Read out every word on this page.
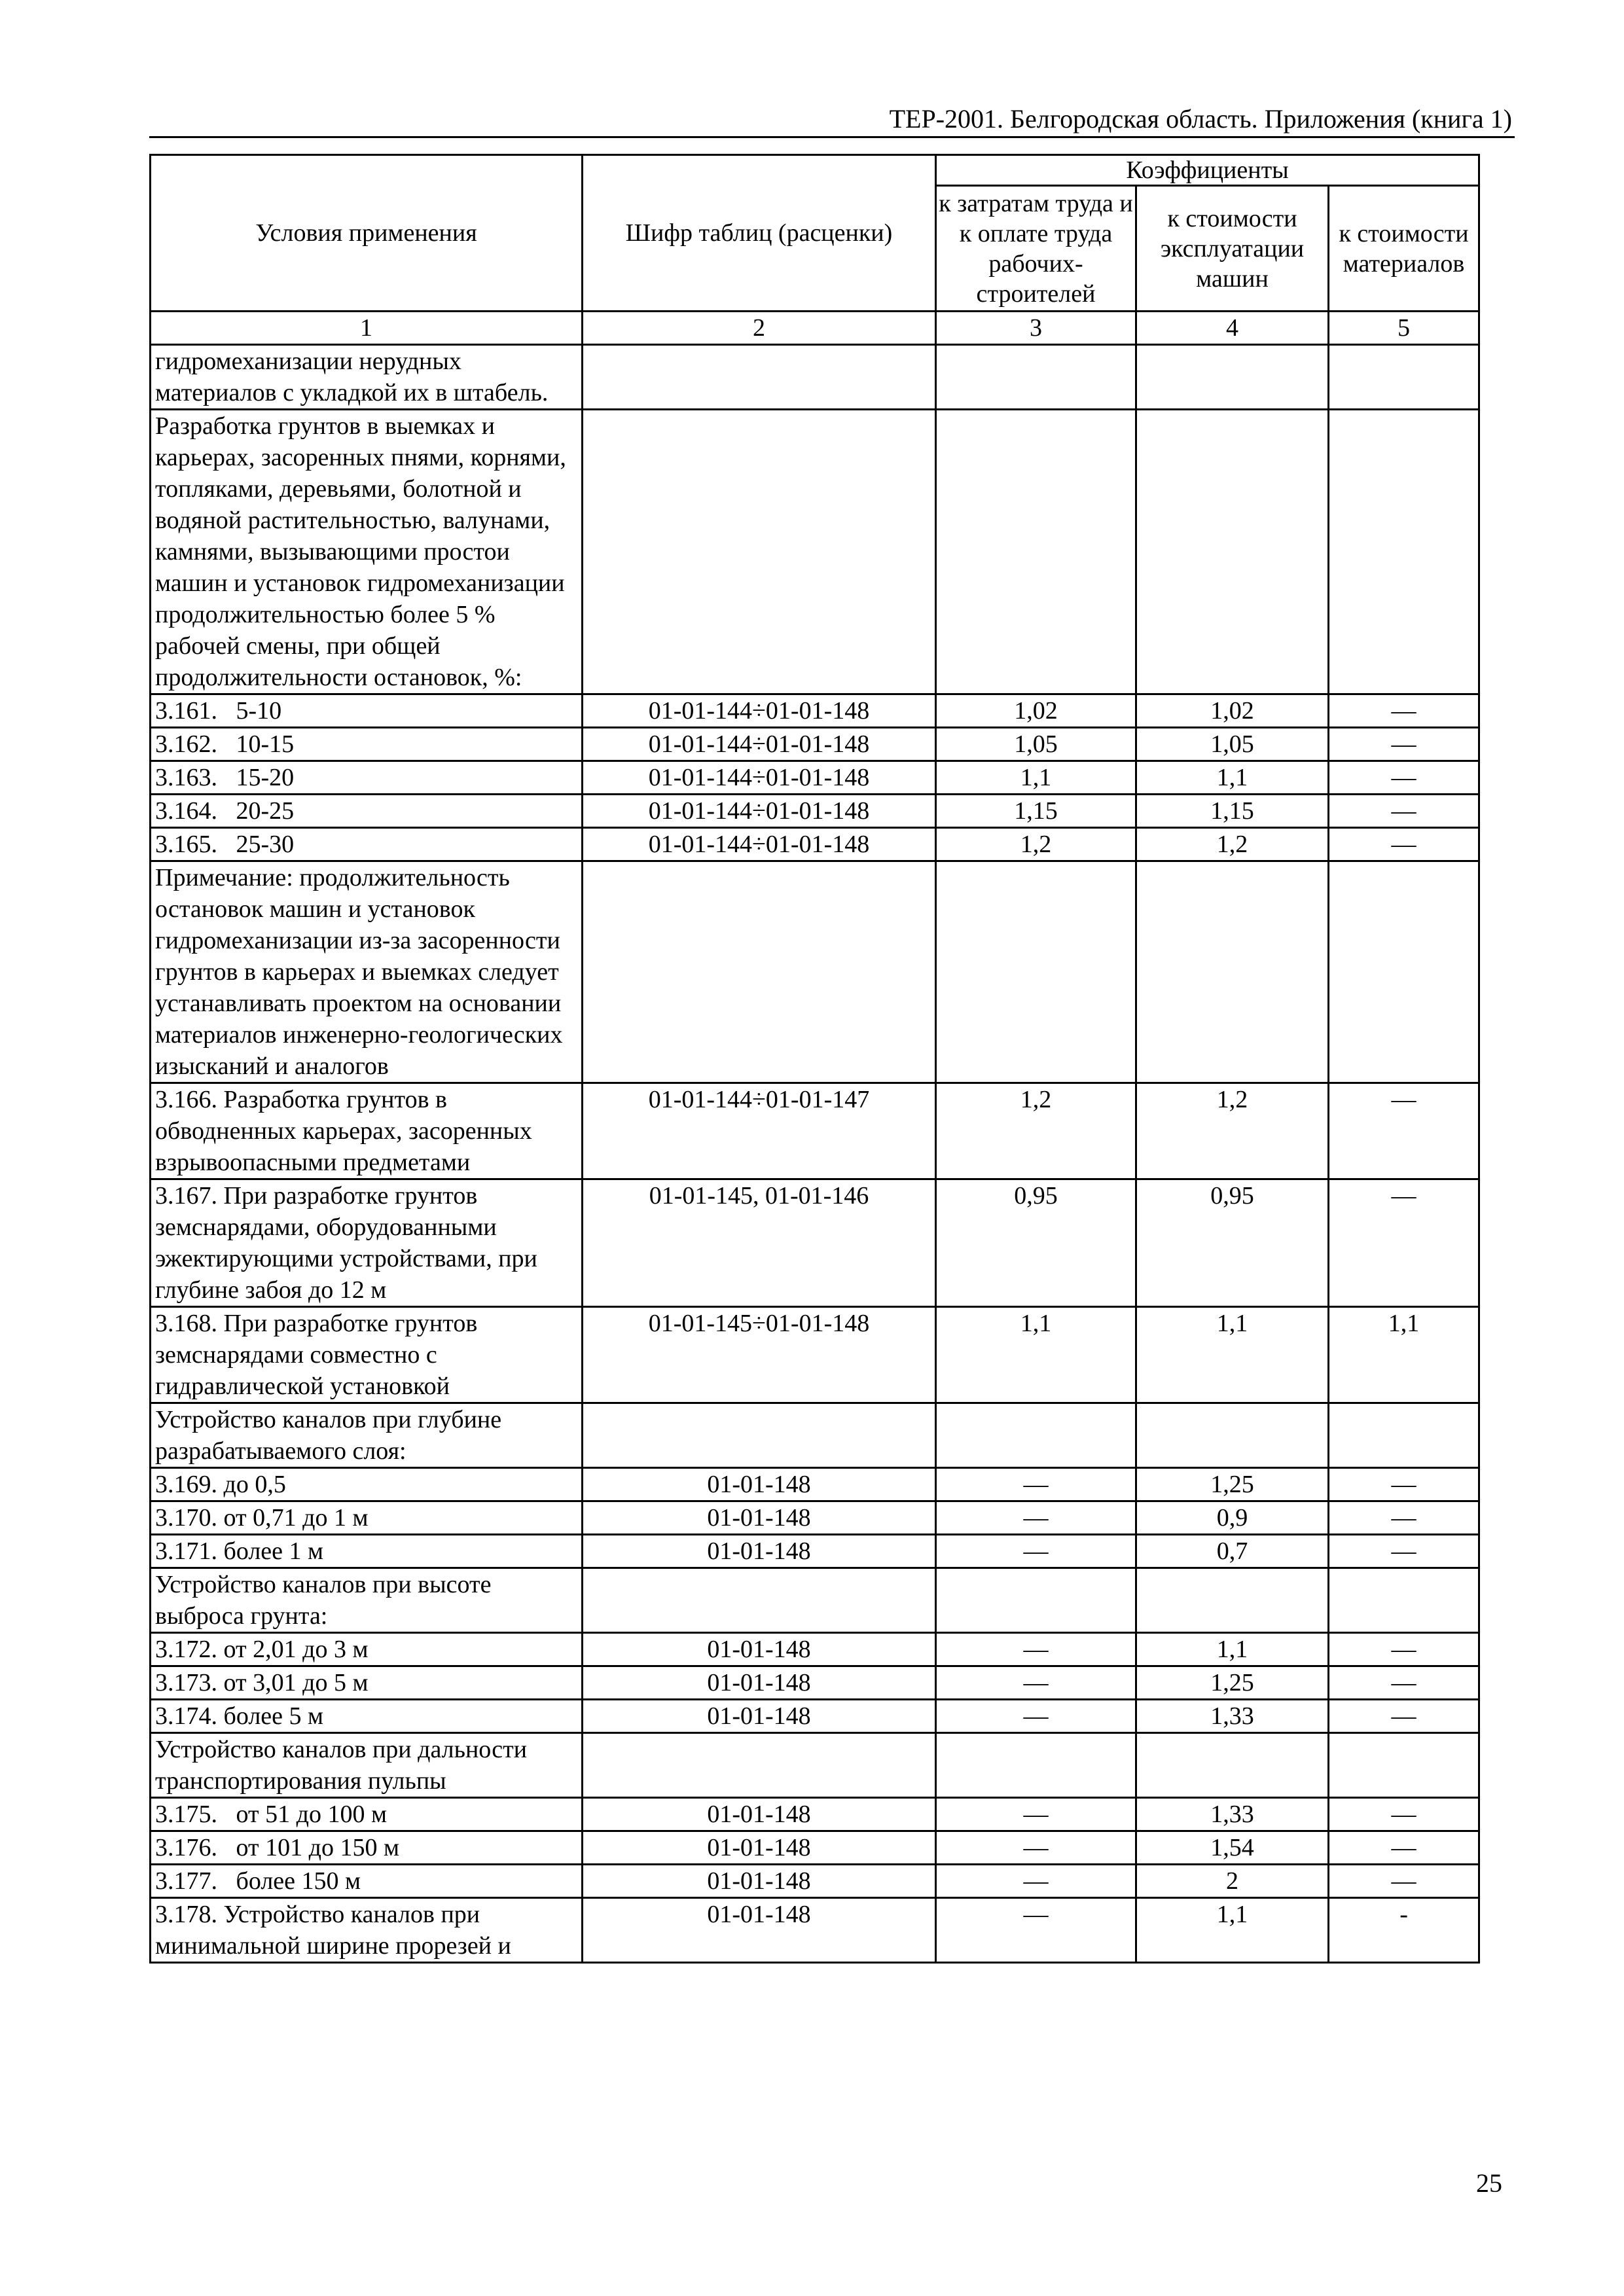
ТЕР-2001. Белгородская область. Приложения (книга 1)
Условия применения	Шифр таблиц (расценки)	Коэффициенты		
		к затратам труда и к оплате труда рабочих-строителей	к стоимости эксплуатации машин	к стоимости материалов
1	2	3	4	5
гидромеханизации нерудных материалов с укладкой их в штабель.				
Разработка грунтов в выемках и карьерах, засоренных пнями, корнями, топляками, деревьями, болотной и водяной растительностью, валунами, камнями, вызывающими простои машин и установок гидромеханизации продолжительностью более 5 % рабочей смены, при общей продолжительности остановок, %:				
3.161.   5-10	01-01-144÷01-01-148	1,02	1,02	—
3.162.   10-15	01-01-144÷01-01-148	1,05	1,05	—
3.163.   15-20	01-01-144÷01-01-148	1,1	1,1	—
3.164.   20-25	01-01-144÷01-01-148	1,15	1,15	—
3.165.   25-30	01-01-144÷01-01-148	1,2	1,2	—
Примечание: продолжительность остановок машин и установок гидромеханизации из-за засоренности грунтов в карьерах и выемках следует устанавливать проектом на основании материалов инженерно-геологических изысканий и аналогов				
3.166. Разработка грунтов в обводненных карьерах, засоренных взрывоопасными предметами	01-01-144÷01-01-147	1,2	1,2	—
3.167. При разработке грунтов земснарядами, оборудованными эжектирующими устройствами, при глубине забоя до 12 м	01-01-145, 01-01-146	0,95	0,95	—
3.168. При разработке грунтов земснарядами совместно с гидравлической установкой	01-01-145÷01-01-148	1,1	1,1	1,1
Устройство каналов при глубине разрабатываемого слоя:				
3.169. до 0,5	01-01-148	—	1,25	—
3.170. от 0,71 до 1 м	01-01-148	—	0,9	—
3.171. более 1 м	01-01-148	—	0,7	—
Устройство каналов при высоте выброса грунта:				
3.172. от 2,01 до 3 м	01-01-148	—	1,1	—
3.173. от 3,01 до 5 м	01-01-148	—	1,25	—
3.174. более 5 м	01-01-148	—	1,33	—
Устройство каналов при дальности транспортирования пульпы				
3.175.   от 51 до 100 м	01-01-148	—	1,33	—
3.176.   от 101 до 150 м	01-01-148	—	1,54	—
3.177.   более 150 м	01-01-148	—	2	—
3.178. Устройство каналов при минимальной ширине прорезей и	01-01-148	—	1,1	-
25
